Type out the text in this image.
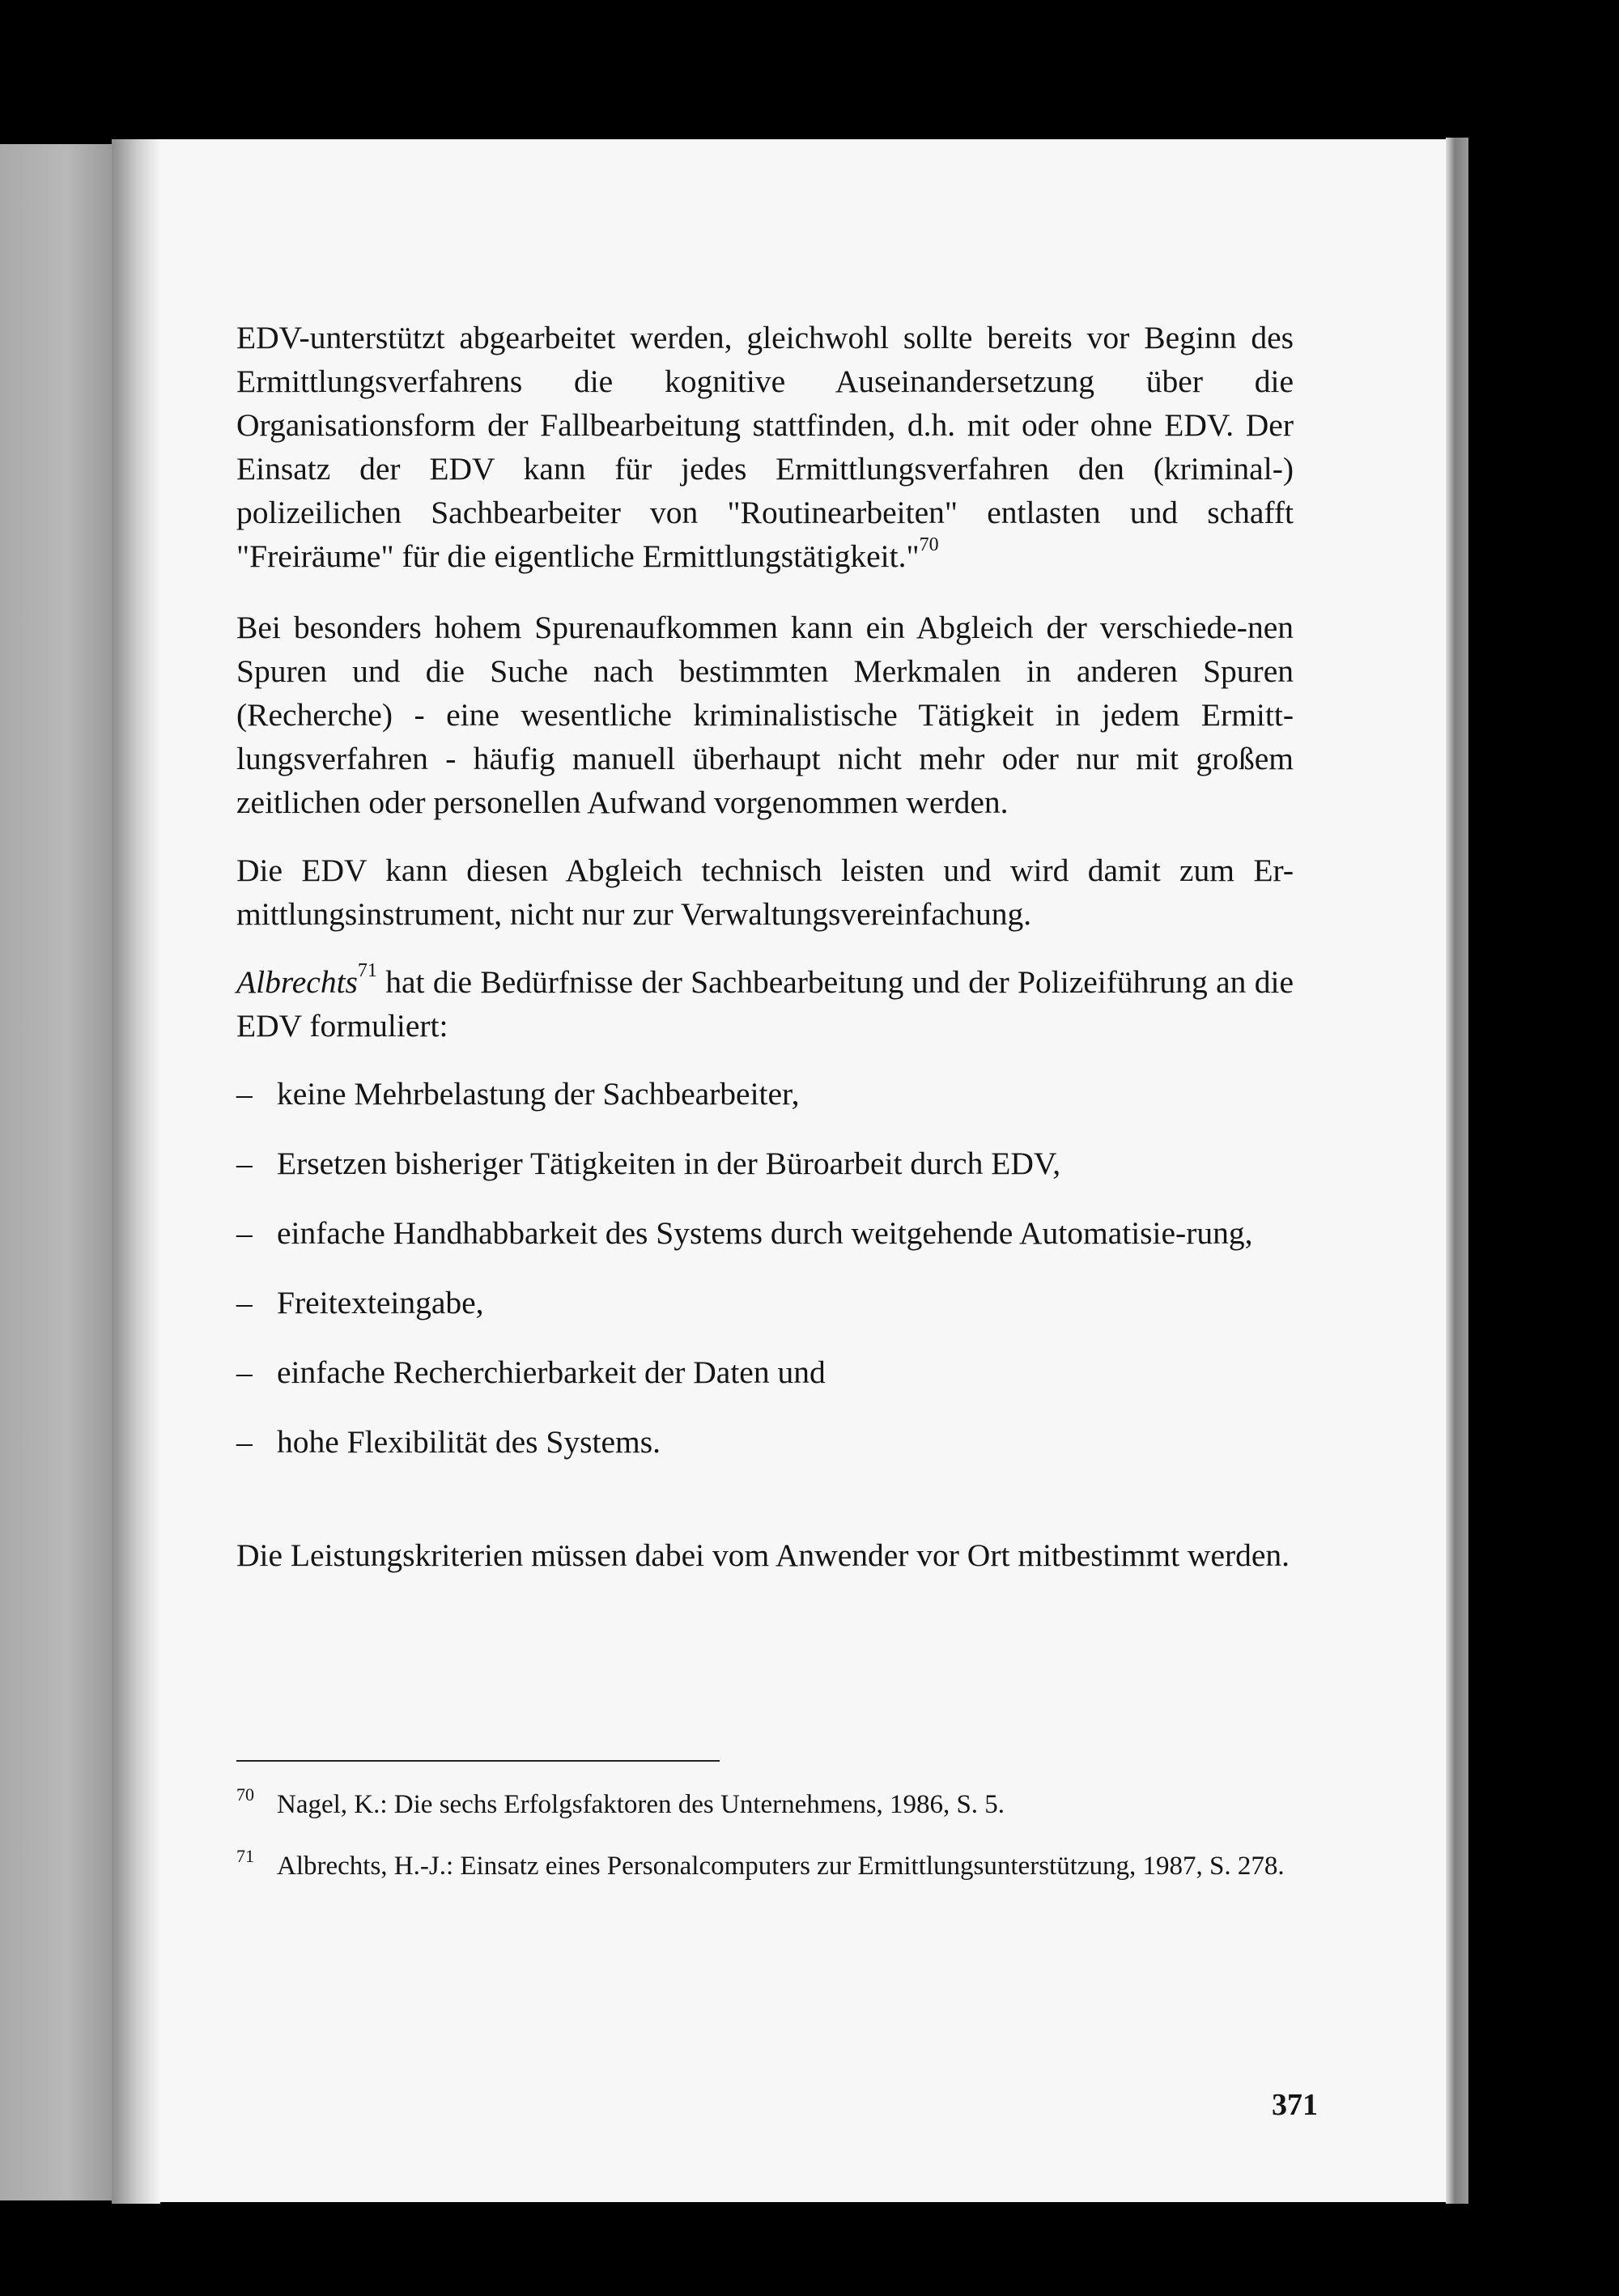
EDV-unterstützt abgearbeitet werden, gleichwohl sollte bereits vor Beginn des Ermittlungsverfahrens die kognitive Auseinandersetzung über die Organisationsform der Fallbearbeitung stattfinden, d.h. mit oder ohne EDV. Der Einsatz der EDV kann für jedes Ermittlungsverfahren den (kriminal-) polizeilichen Sachbearbeiter von "Routinearbeiten" entlasten und schafft "Freiräume" für die eigentliche Ermittlungstätigkeit."$^{70}$

Bei besonders hohem Spurenaufkommen kann ein Abgleich der verschiede-nen Spuren und die Suche nach bestimmten Merkmalen in anderen Spuren (Recherche) - eine wesentliche kriminalistische Tätigkeit in jedem Ermitt-lungsverfahren - häufig manuell überhaupt nicht mehr oder nur mit großem zeitlichen oder personellen Aufwand vorgenommen werden.

Die EDV kann diesen Abgleich technisch leisten und wird damit zum Er-mittlungsinstrument, nicht nur zur Verwaltungsvereinfachung.

Albrechts$^{71}$ hat die Bedürfnisse der Sachbearbeitung und der Polizeiführung an die EDV formuliert:

– keine Mehrbelastung der Sachbearbeiter,
– Ersetzen bisheriger Tätigkeiten in der Büroarbeit durch EDV,
– einfache Handhabbarkeit des Systems durch weitgehende Automatisie-rung,
– Freitexteingabe,
– einfache Recherchierbarkeit der Daten und
– hohe Flexibilität des Systems.

Die Leistungskriterien müssen dabei vom Anwender vor Ort mitbestimmt werden.

70 Nagel, K.: Die sechs Erfolgsfaktoren des Unternehmens, 1986, S. 5.
71 Albrechts, H.-J.: Einsatz eines Personalcomputers zur Ermittlungsunterstützung, 1987, S. 278.
371
